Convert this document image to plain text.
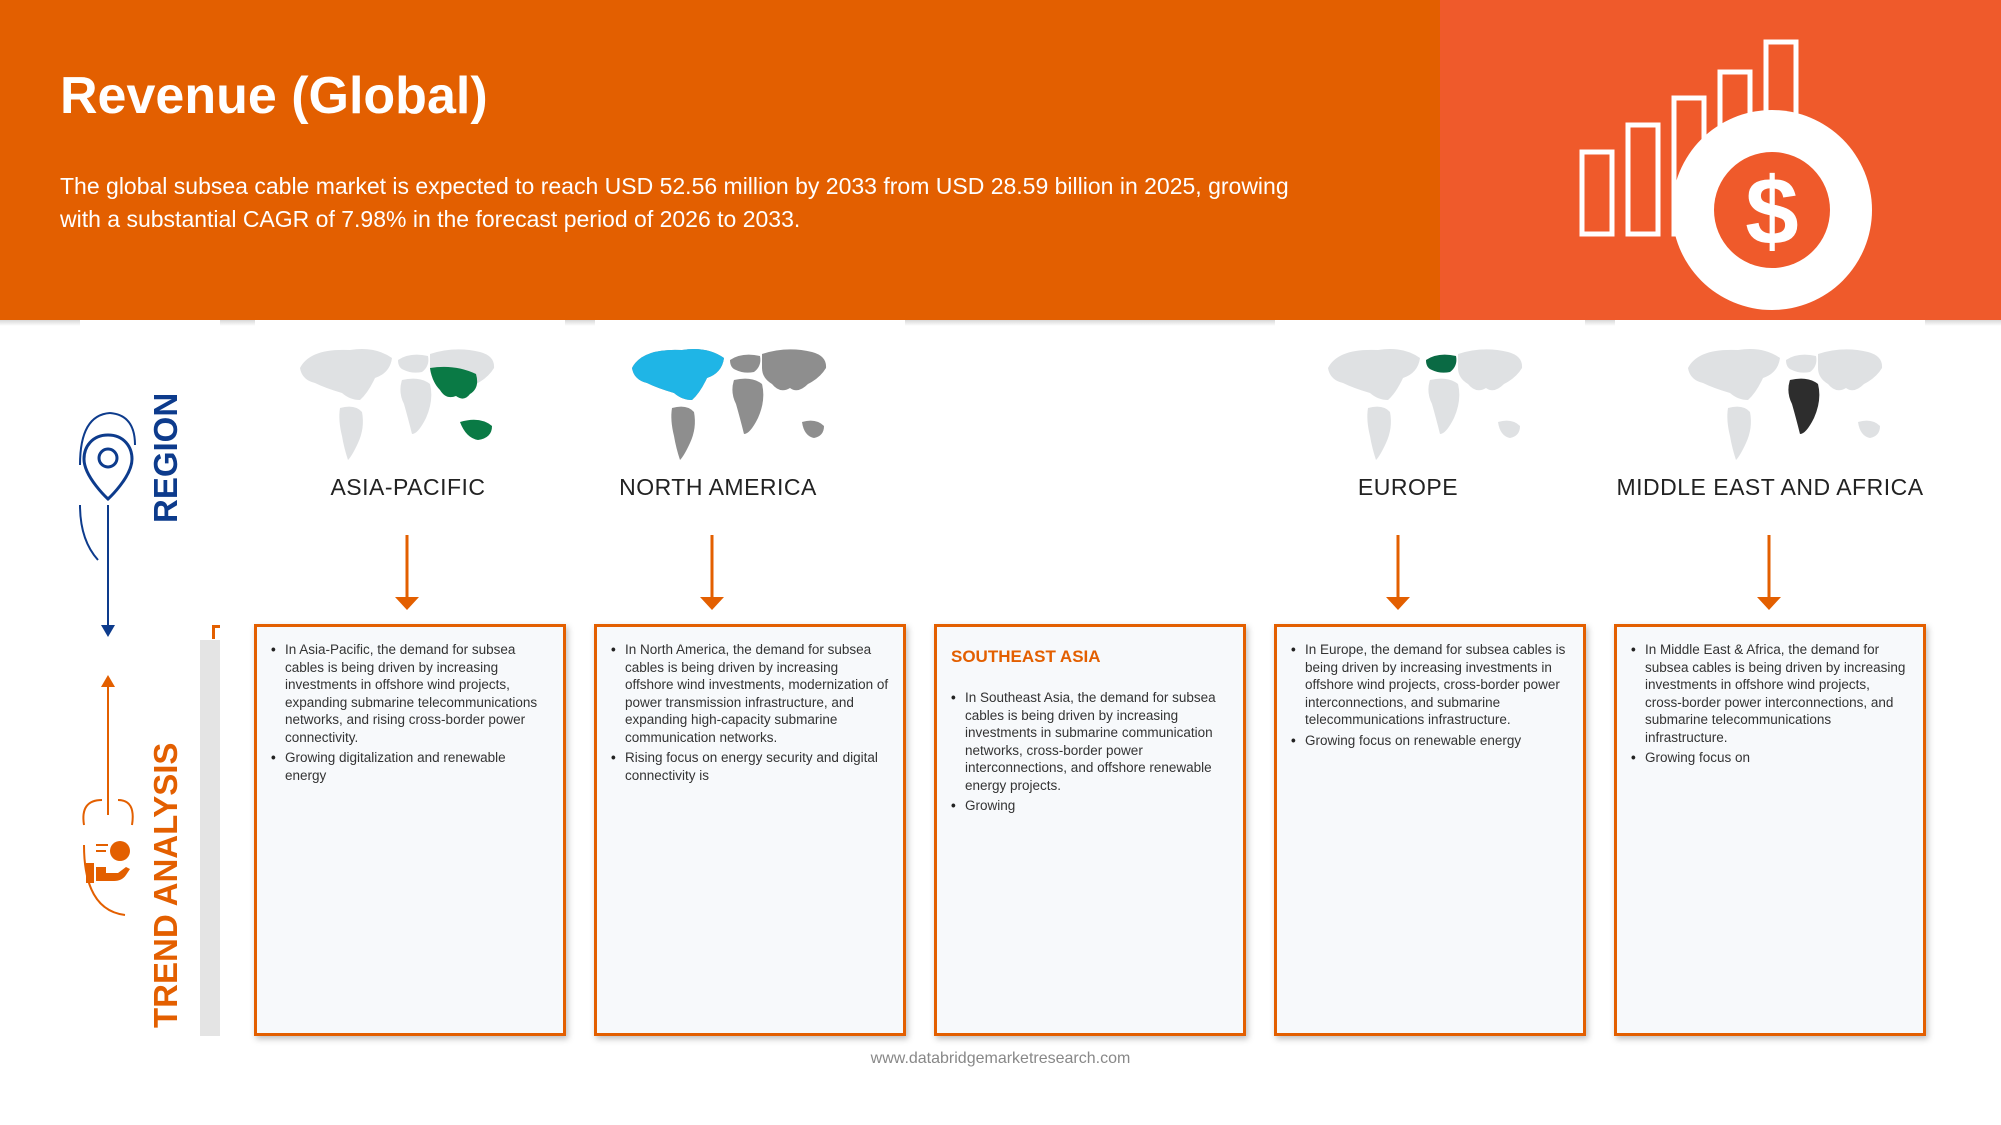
Revenue (Global)
The global subsea cable market is expected to reach USD 52.56 million by 2033 from USD 28.59 billion in 2025, growing with a substantial CAGR of 7.98% in the forecast period of 2026 to 2033.	$
REGION
TREND ANALYSIS
ASIA-PACIFIC	NORTH AMERICA	EUROPE	MIDDLE EAST AND AFRICA
• In Asia-Pacific, the demand for subsea cables is being driven by increasing investments in offshore wind projects, expanding submarine telecommunications networks, and rising cross-border power connectivity.
• Growing digitalization and renewable energy
• In North America, the demand for subsea cables is being driven by increasing offshore wind investments, modernization of power transmission infrastructure, and expanding high-capacity submarine communication networks.
• Rising focus on energy security and digital connectivity is
SOUTHEAST ASIA
• In Southeast Asia, the demand for subsea cables is being driven by increasing investments in submarine communication networks, cross-border power interconnections, and offshore renewable energy projects.
• Growing
• In Europe, the demand for subsea cables is being driven by increasing investments in offshore wind projects, cross-border power interconnections, and submarine telecommunications infrastructure.
• Growing focus on renewable energy
• In Middle East & Africa, the demand for subsea cables is being driven by increasing investments in offshore wind projects, cross-border power interconnections, and submarine telecommunications infrastructure.
• Growing focus on
www.databridgemarketresearch.com
